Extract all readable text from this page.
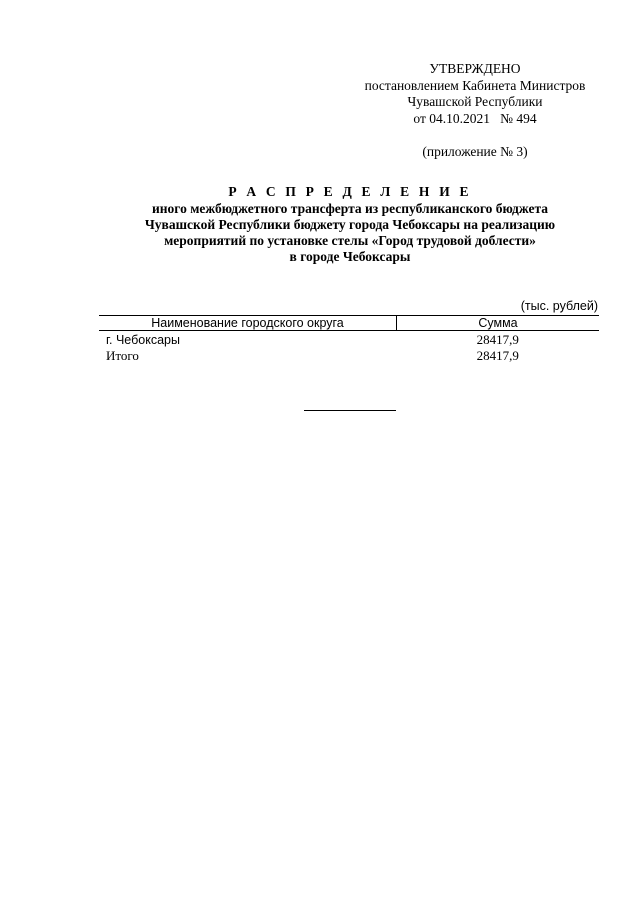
УТВЕРЖДЕНО
постановлением Кабинета Министров
Чувашской Республики
от 04.10.2021   № 494
(приложение № 3)
Р А С П Р Е Д Е Л Е Н И Е
иного межбюджетного трансферта из республиканского бюджета
Чувашской Республики бюджету города Чебоксары на реализацию
мероприятий по установке стелы «Город трудовой доблести»
в городе Чебоксары
(тыс. рублей)
Наименование городского округа	Сумма
г. Чебоксары	28417,9
Итого	28417,9
